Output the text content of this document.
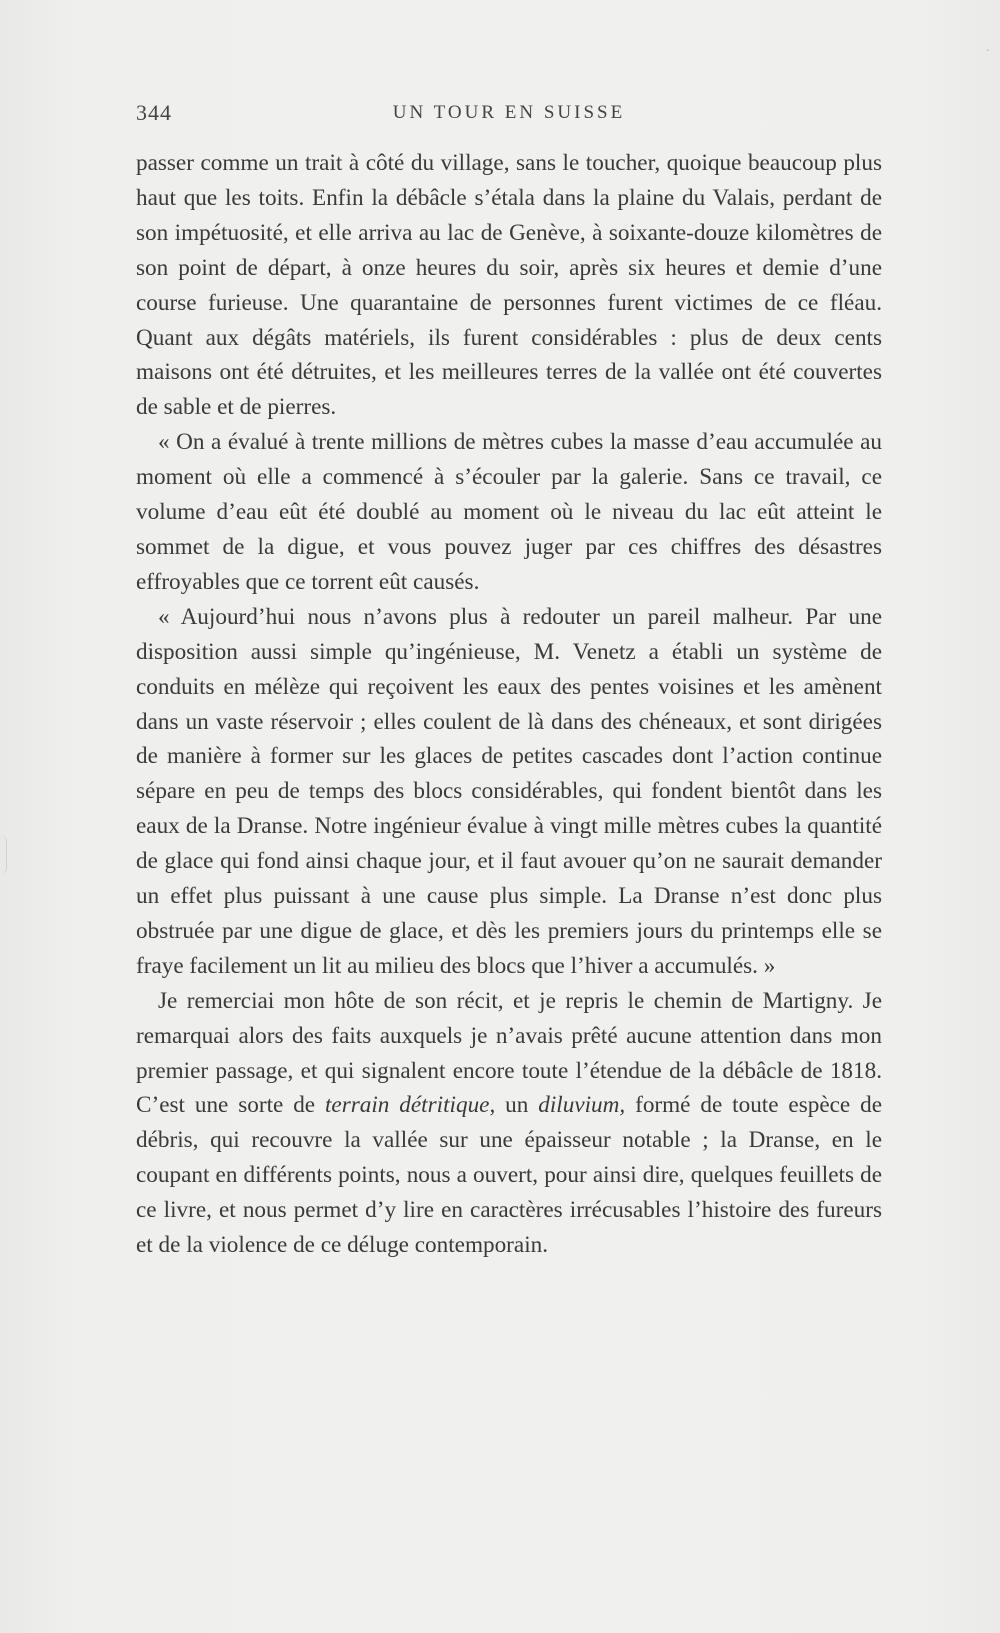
·
344	UN TOUR EN SUISSE

passer comme un trait à côté du village, sans le toucher, quoique beaucoup plus haut que les toits. Enfin la débâcle s’étala dans la plaine du Valais, perdant de son impétuosité, et elle arriva au lac de Genève, à soixante-douze kilomètres de son point de départ, à onze heures du soir, après six heures et demie d’une course furieuse. Une quarantaine de personnes furent victimes de ce fléau. Quant aux dégâts matériels, ils furent considérables : plus de deux cents maisons ont été détruites, et les meilleures terres de la vallée ont été couvertes de sable et de pierres.

« On a évalué à trente millions de mètres cubes la masse d’eau accumulée au moment où elle a commencé à s’écouler par la galerie. Sans ce travail, ce volume d’eau eût été doublé au moment où le niveau du lac eût atteint le sommet de la digue, et vous pouvez juger par ces chiffres des désastres effroyables que ce torrent eût causés.

« Aujourd’hui nous n’avons plus à redouter un pareil malheur. Par une disposition aussi simple qu’ingénieuse, M. Venetz a établi un système de conduits en mélèze qui reçoivent les eaux des pentes voisines et les amènent dans un vaste réservoir ; elles coulent de là dans des chéneaux, et sont dirigées de manière à former sur les glaces de petites cascades dont l’action continue sépare en peu de temps des blocs considérables, qui fondent bientôt dans les eaux de la Dranse. Notre ingénieur évalue à vingt mille mètres cubes la quantité de glace qui fond ainsi chaque jour, et il faut avouer qu’on ne saurait demander un effet plus puissant à une cause plus simple. La Dranse n’est donc plus obstruée par une digue de glace, et dès les premiers jours du printemps elle se fraye facilement un lit au milieu des blocs que l’hiver a accumulés. »

Je remerciai mon hôte de son récit, et je repris le chemin de Martigny. Je remarquai alors des faits auxquels je n’avais prêté aucune attention dans mon premier passage, et qui signalent encore toute l’étendue de la débâcle de 1818. C’est une sorte de terrain détritique, un diluvium, formé de toute espèce de débris, qui recouvre la vallée sur une épaisseur notable ; la Dranse, en le coupant en différents points, nous a ouvert, pour ainsi dire, quelques feuillets de ce livre, et nous permet d’y lire en caractères irrécusables l’histoire des fureurs et de la violence de ce déluge contemporain.
